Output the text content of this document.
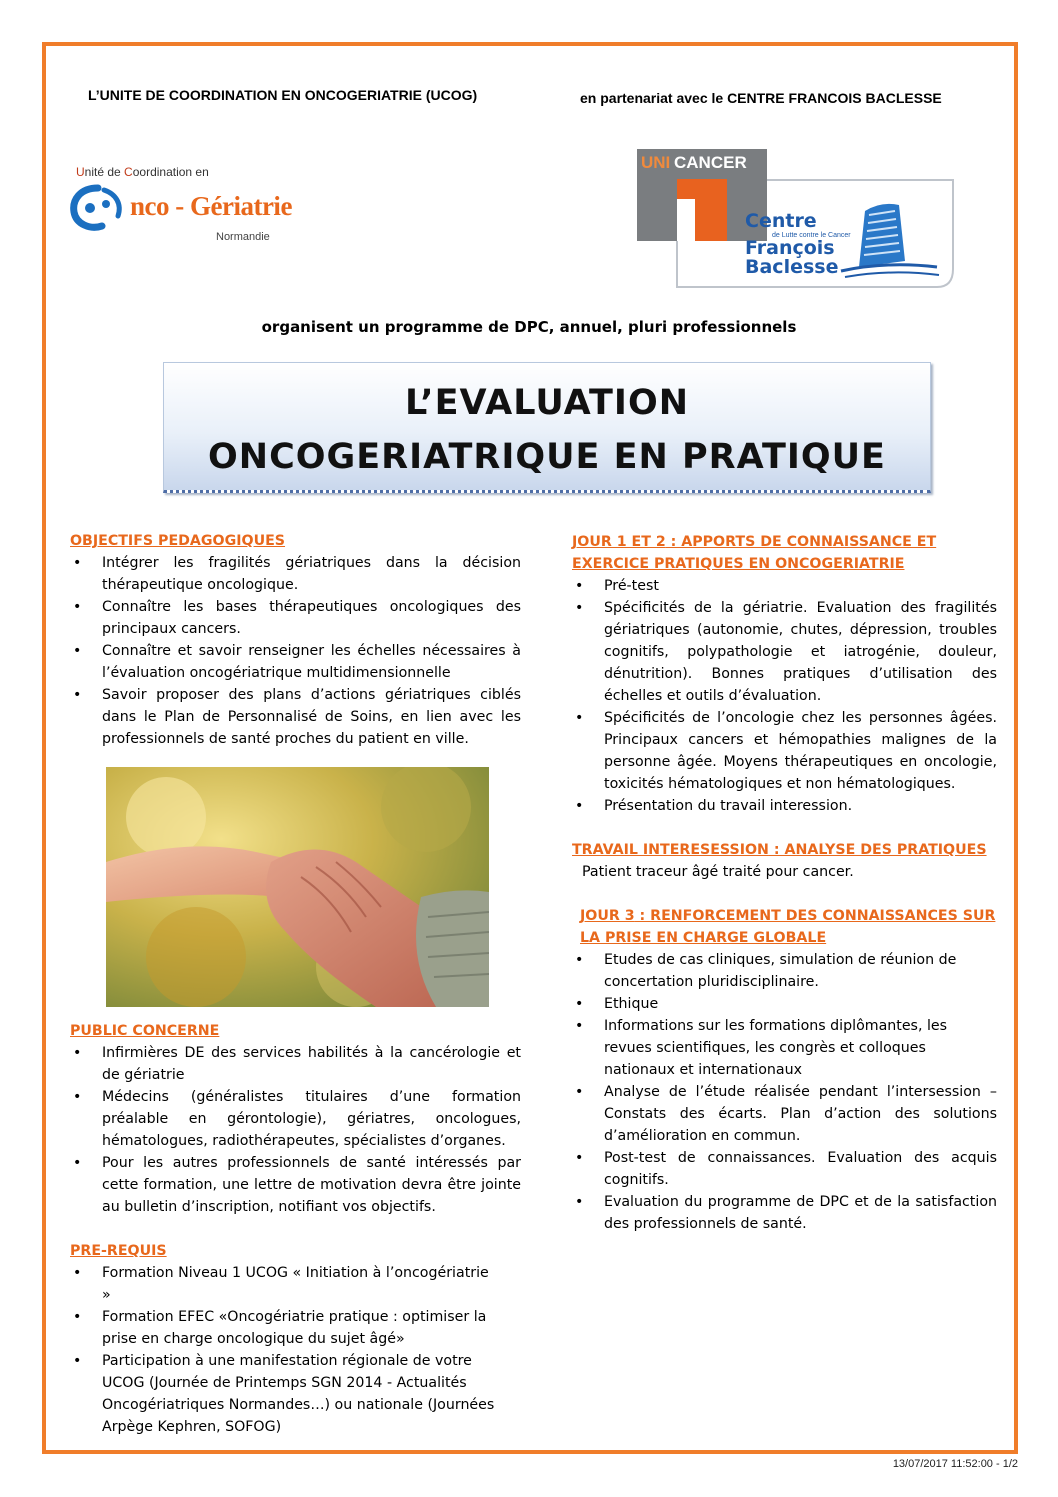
L’UNITE DE COORDINATION EN ONCOGERIATRIE (UCOG)	en partenariat avec le CENTRE FRANCOIS BACLESSE
Unité de Coordination en
nco - Gériatrie
Normandie
UNI CANCER
Centre
de Lutte contre le Cancer
François
Baclesse
organisent un programme de DPC, annuel, pluri professionnels
L’EVALUATION
ONCOGERIATRIQUE EN PRATIQUE
OBJECTIFS PEDAGOGIQUES
• Intégrer les fragilités gériatriques dans la décision thérapeutique oncologique.
• Connaître les bases thérapeutiques oncologiques des principaux cancers.
• Connaître et savoir renseigner les échelles nécessaires à l’évaluation oncogériatrique multidimensionnelle
• Savoir proposer des plans d’actions gériatriques ciblés dans le Plan de Personnalisé de Soins, en lien avec les professionnels de santé proches du patient en ville.
PUBLIC CONCERNE
• Infirmières DE des services habilités à la cancérologie et de gériatrie
• Médecins (généralistes titulaires d’une formation préalable en gérontologie), gériatres, oncologues, hématologues, radiothérapeutes, spécialistes d’organes.
• Pour les autres professionnels de santé intéressés par cette formation, une lettre de motivation devra être jointe au bulletin d’inscription, notifiant vos objectifs.
PRE-REQUIS
• Formation Niveau 1 UCOG « Initiation à l’oncogériatrie »
• Formation EFEC «Oncogériatrie pratique : optimiser la prise en charge oncologique du sujet âgé»
• Participation à une manifestation régionale de votre UCOG (Journée de Printemps SGN 2014 - Actualités Oncogériatriques Normandes…) ou nationale (Journées Arpège Kephren, SOFOG)
JOUR 1 ET 2 : APPORTS DE CONNAISSANCE ET EXERCICE PRATIQUES EN ONCOGERIATRIE
• Pré-test
• Spécificités de la gériatrie. Evaluation des fragilités gériatriques (autonomie, chutes, dépression, troubles cognitifs, polypathologie et iatrogénie, douleur, dénutrition). Bonnes pratiques d’utilisation des échelles et outils d’évaluation.
• Spécificités de l’oncologie chez les personnes âgées. Principaux cancers et hémopathies malignes de la personne âgée. Moyens thérapeutiques en oncologie, toxicités hématologiques et non hématologiques.
• Présentation du travail interession.
TRAVAIL INTERESESSION : ANALYSE DES PRATIQUES
Patient traceur âgé traité pour cancer.
JOUR 3 : RENFORCEMENT DES CONNAISSANCES SUR LA PRISE EN CHARGE GLOBALE
• Etudes de cas cliniques, simulation de réunion de concertation pluridisciplinaire.
• Ethique
• Informations sur les formations diplômantes, les revues scientifiques, les congrès et colloques nationaux et internationaux
• Analyse de l’étude réalisée pendant l’intersession – Constats des écarts. Plan d’action des solutions d’amélioration en commun.
• Post-test de connaissances. Evaluation des acquis cognitifs.
• Evaluation du programme de DPC et de la satisfaction des professionnels de santé.
13/07/2017 11:52:00 - 1/2
